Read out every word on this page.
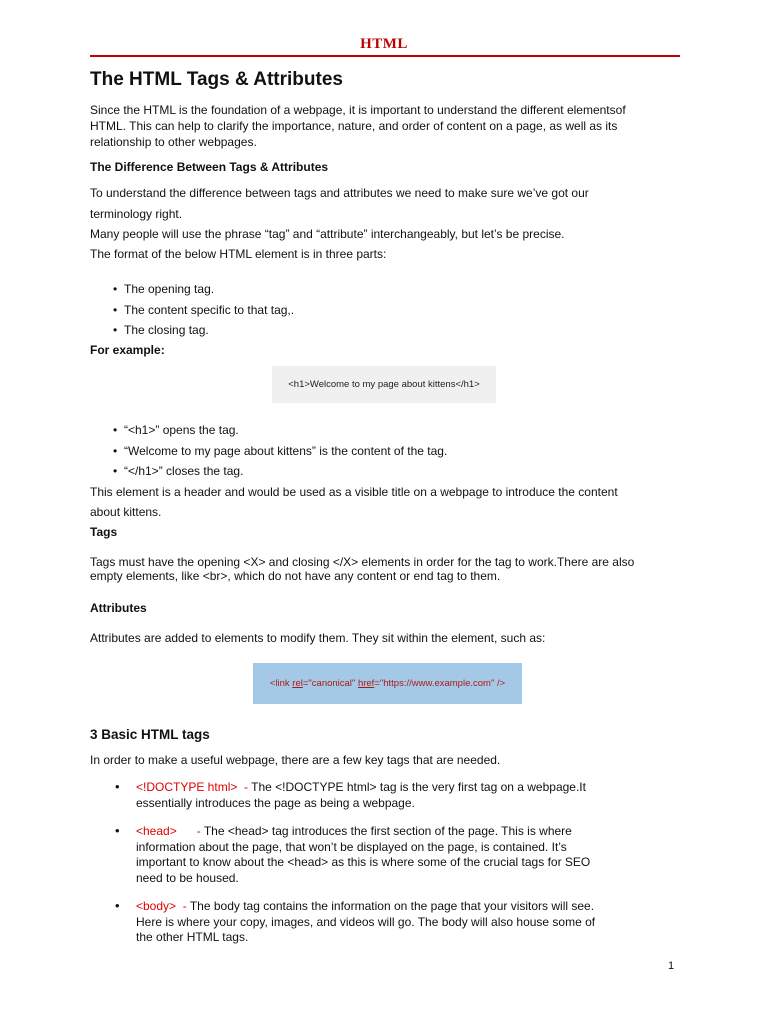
HTML
The HTML Tags & Attributes
Since the HTML is the foundation of a webpage, it is important to understand the different elementsof
HTML. This can help to clarify the importance, nature, and order of content on a page, as well as its
relationship to other webpages.
The Difference Between Tags & Attributes
To understand the difference between tags and attributes we need to make sure we’ve got our
terminology right.
Many people will use the phrase “tag” and “attribute” interchangeably, but let’s be precise.
The format of the below HTML element is in three parts:
• The opening tag.
• The content specific to that tag,.
• The closing tag.
For example:
<h1>Welcome to my page about kittens</h1>
• “<h1>” opens the tag.
• “Welcome to my page about kittens” is the content of the tag.
• “</h1>” closes the tag.
This element is a header and would be used as a visible title on a webpage to introduce the content
about kittens.
Tags
Tags must have the opening <X> and closing </X> elements in order for the tag to work.There are also
empty elements, like <br>, which do not have any content or end tag to them.
Attributes
Attributes are added to elements to modify them. They sit within the element, such as:
<link rel="canonical" href="https://www.example.com" />
3 Basic HTML tags
In order to make a useful webpage, there are a few key tags that are needed.
• <!DOCTYPE html>  - The <!DOCTYPE html> tag is the very first tag on a webpage.It
essentially introduces the page as being a webpage.
• <head>      - The <head> tag introduces the first section of the page. This is where
information about the page, that won’t be displayed on the page, is contained. It’s
important to know about the <head> as this is where some of the crucial tags for SEO
need to be housed.
• <body>  - The body tag contains the information on the page that your visitors will see.
Here is where your copy, images, and videos will go. The body will also house some of
the other HTML tags.
1
